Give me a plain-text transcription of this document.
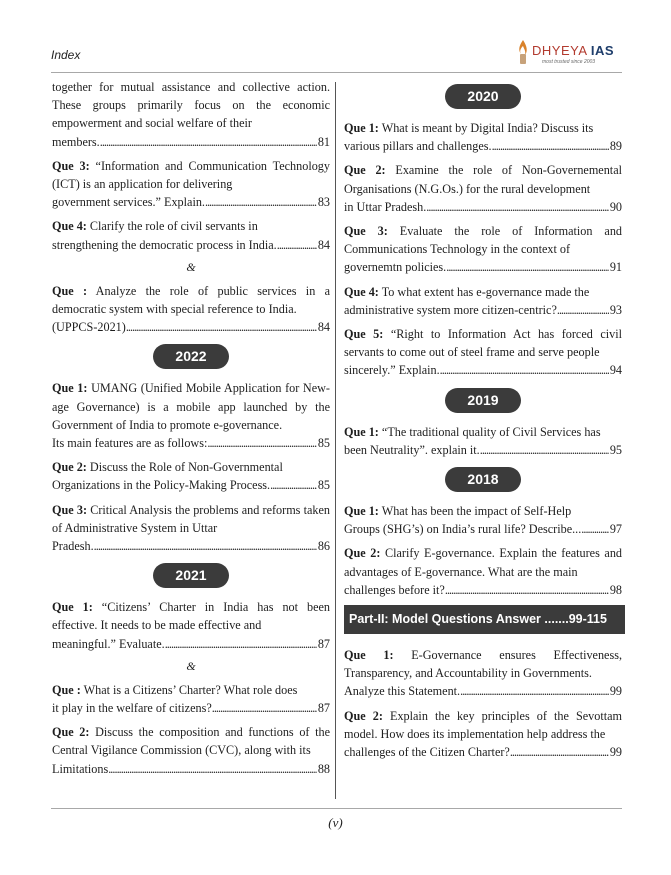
Index	DHYEYA IAS
most trusted since 2003
together for mutual assistance and collective action. These groups primarily focus on the economic empowerment and social welfare of their
members. . . .	81
Que 3: “Information and Communication Technology (ICT) is an application for delivering
government services.” Explain. . . .	83
Que 4: Clarify the role of civil servants in
strengthening the democratic process in India. . . .	84
&
Que : Analyze the role of public services in a democratic system with special reference to India.
(UPPCS-2021) . . .	84
2022
Que 1: UMANG (Unified Mobile Application for New-age Governance) is a mobile app launched by the Government of India to promote e-governance.
Its main features are as follows: . . .	85
Que 2: Discuss the Role of Non-Governmental
Organizations in the Policy-Making Process. . . .	85
Que 3: Critical Analysis the problems and reforms taken of Administrative System in Uttar
Pradesh. . . .	86
2021
Que 1: “Citizens’ Charter in India has not been effective. It needs to be made effective and
meaningful.” Evaluate. . . .	87
&
Que : What is a Citizens’ Charter? What role does
it play in the welfare of citizens? . . .	87
Que 2: Discuss the composition and functions of the Central Vigilance Commission (CVC), along with its
Limitations . . .	88
2020
Que 1: What is meant by Digital India? Discuss its
various pillars and challenges. . . .	89
Que 2: Examine the role of Non-Governemental Organisations (N.G.Os.) for the rural development
in Uttar Pradesh. . . .	90
Que 3: Evaluate the role of Information and Communications Technology in the context of
governemtn policies. . . .	91
Que 4: To what extent has e-governance made the
administrative system more citizen-centric? . . .	93
Que 5: “Right to Information Act has forced civil servants to come out of steel frame and serve people
sincerely.” Explain. . . .	94
2019
Que 1: “The traditional quality of Civil Services has
been Neutrality”. explain it. . . .	95
2018
Que 1: What has been the impact of Self-Help
Groups (SHG’s) on India’s rural life? Describe... . . . 97
Que 2: Clarify E-governance. Explain the features and advantages of E-governance. What are the main
challenges before it? . . .	98
Part-II: Model Questions Answer .......99-115
Que 1: E-Governance ensures Effectiveness, Transparency, and Accountability in Governments.
Analyze this Statement. . . .	99
Que 2: Explain the key principles of the Sevottam model. How does its implementation help address the
challenges of the Citizen Charter? . . .	99
(v)
